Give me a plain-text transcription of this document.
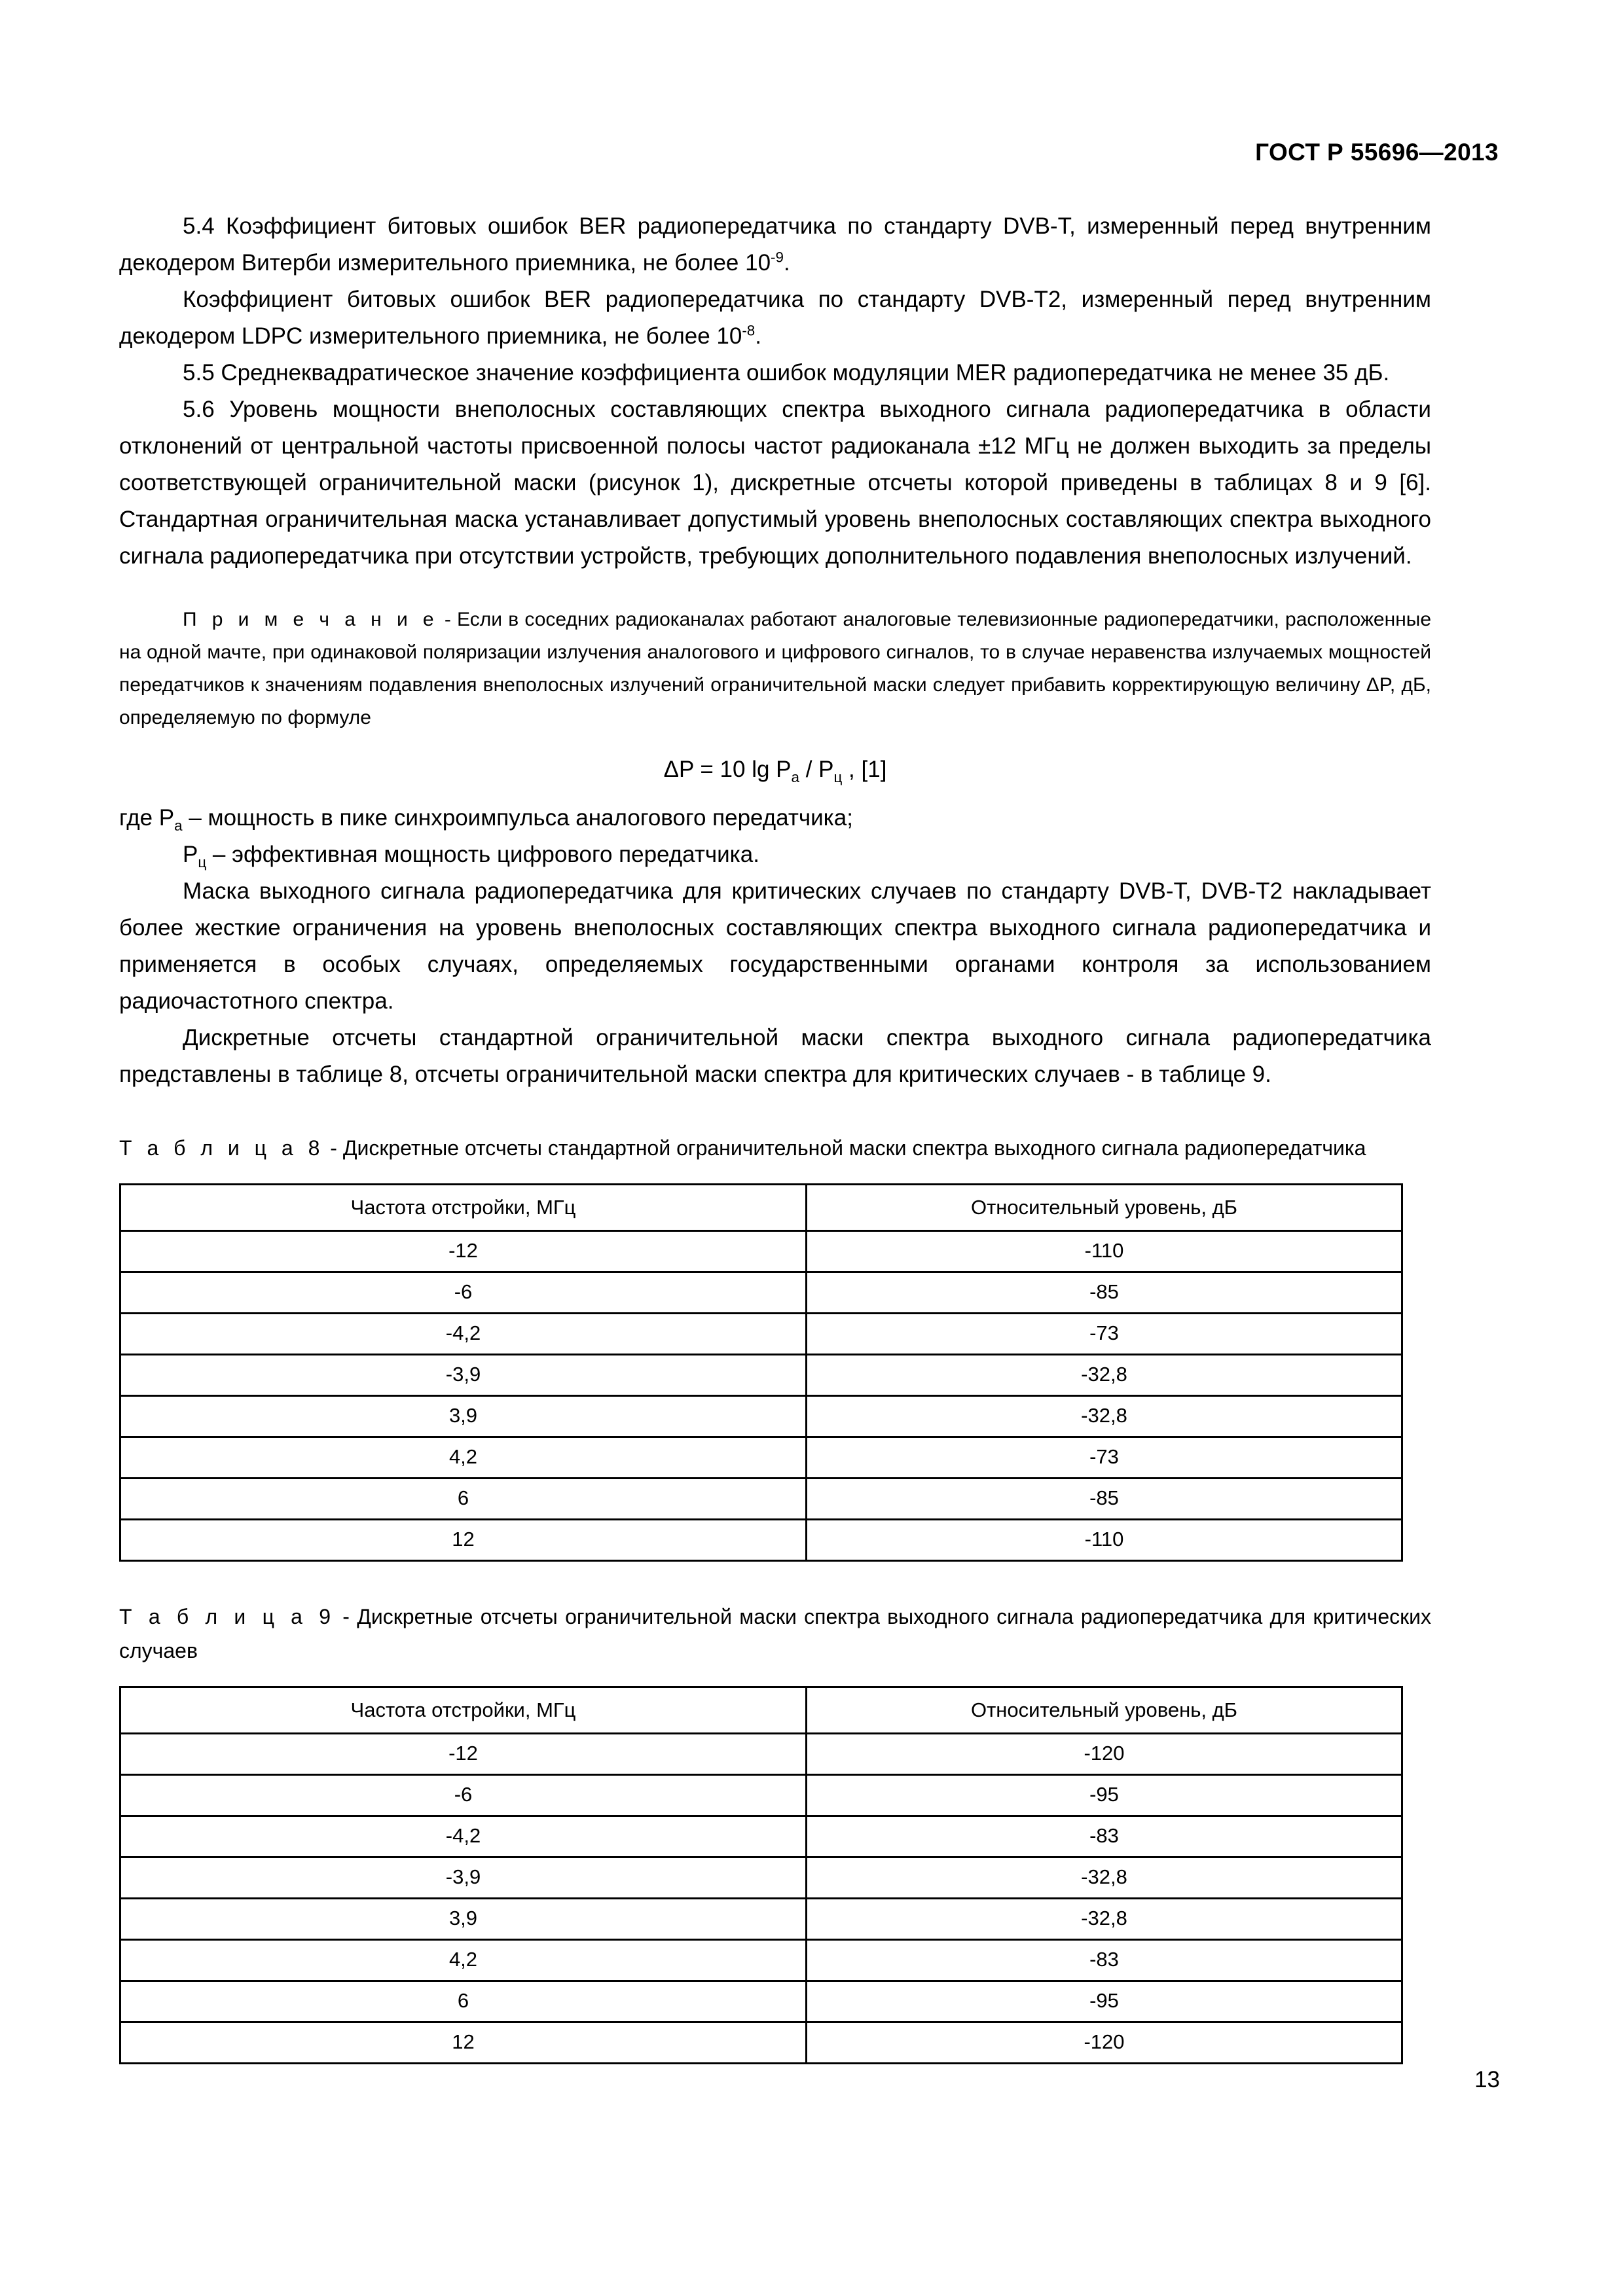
ГОСТ Р 55696—2013

5.4 Коэффициент битовых ошибок BER радиопередатчика по стандарту DVB-T, измеренный перед внутренним декодером Витерби измерительного приемника, не более $10^{-9}$.

Коэффициент битовых ошибок BER радиопередатчика по стандарту DVB-T2, измеренный перед внутренним декодером LDPC измерительного приемника, не более $10^{-8}$.

5.5 Среднеквадратическое значение коэффициента ошибок модуляции MER радиопередатчика не менее 35 дБ.

5.6 Уровень мощности внеполосных составляющих спектра выходного сигнала радиопередатчика в области отклонений от центральной частоты присвоенной полосы частот радиоканала ±12 МГц не должен выходить за пределы соответствующей ограничительной маски (рисунок 1), дискретные отсчеты которой приведены в таблицах 8 и 9 [6]. Стандартная ограничительная маска устанавливает допустимый уровень внеполосных составляющих спектра выходного сигнала радиопередатчика при отсутствии устройств, требующих дополнительного подавления внеполосных излучений.

П р и м е ч а н и е - Если в соседних радиоканалах работают аналоговые телевизионные радиопередатчики, расположенные на одной мачте, при одинаковой поляризации излучения аналогового и цифрового сигналов, то в случае неравенства излучаемых мощностей передатчиков к значениям подавления внеполосных излучений ограничительной маски следует прибавить корректирующую величину ΔP, дБ, определяемую по формуле

ΔP = 10 $\lg P_а / P_ц$ , [1]

где $P_а$ – мощность в пике синхроимпульса аналогового передатчика;

$P_ц$ – эффективная мощность цифрового передатчика.

Маска выходного сигнала радиопередатчика для критических случаев по стандарту DVB-T, DVB-T2 накладывает более жесткие ограничения на уровень внеполосных составляющих спектра выходного сигнала радиопередатчика и применяется в особых случаях, определяемых государственными органами контроля за использованием радиочастотного спектра.

Дискретные отсчеты стандартной ограничительной маски спектра выходного сигнала радиопередатчика представлены в таблице 8, отсчеты ограничительной маски спектра для критических случаев - в таблице 9.

Т а б л и ц а 8 - Дискретные отсчеты стандартной ограничительной маски спектра выходного сигнала радиопередатчика

Частота отстройки, МГц	Относительный уровень, дБ
-12	-110
-6	-85
-4,2	-73
-3,9	-32,8
3,9	-32,8
4,2	-73
6	-85
12	-110

Т а б л и ц а 9 - Дискретные отсчеты ограничительной маски спектра выходного сигнала радиопередатчика для критических случаев

Частота отстройки, МГц	Относительный уровень, дБ
-12	-120
-6	-95
-4,2	-83
-3,9	-32,8
3,9	-32,8
4,2	-83
6	-95
12	-120
13
